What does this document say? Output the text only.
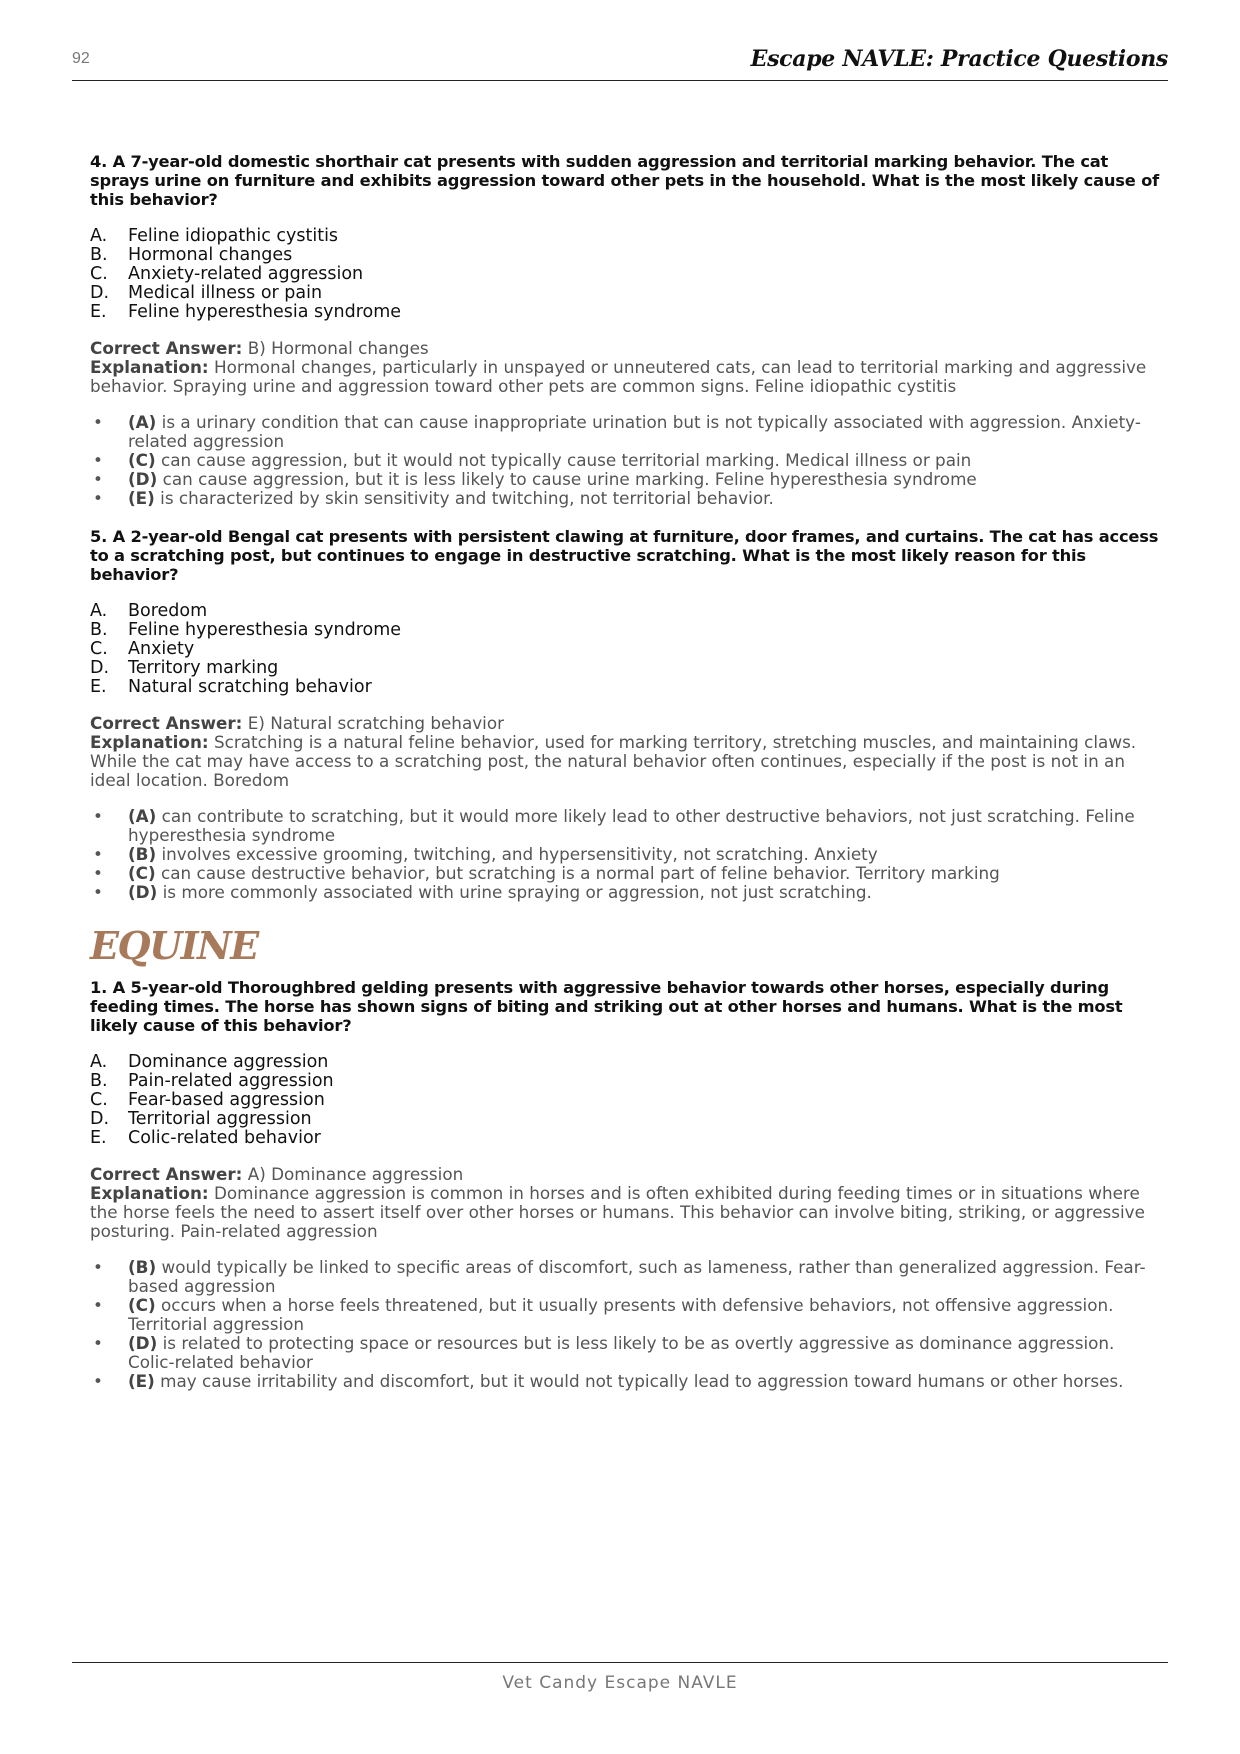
92	Escape NAVLE: Practice Questions

4. A 7-year-old domestic shorthair cat presents with sudden aggression and territorial marking behavior. The cat sprays urine on furniture and exhibits aggression toward other pets in the household. What is the most likely cause of this behavior?

A.	Feline idiopathic cystitis
B.	Hormonal changes
C.	Anxiety-related aggression
D.	Medical illness or pain
E.	Feline hyperesthesia syndrome
Correct Answer: B) Hormonal changes
Explanation: Hormonal changes, particularly in unspayed or unneutered cats, can lead to territorial marking and aggressive behavior. Spraying urine and aggression toward other pets are common signs. Feline idiopathic cystitis
• (A) is a urinary condition that can cause inappropriate urination but is not typically associated with aggression. Anxiety-related aggression
• (C) can cause aggression, but it would not typically cause territorial marking. Medical illness or pain
• (D) can cause aggression, but it is less likely to cause urine marking. Feline hyperesthesia syndrome
• (E) is characterized by skin sensitivity and twitching, not territorial behavior.

5. A 2-year-old Bengal cat presents with persistent clawing at furniture, door frames, and curtains. The cat has access to a scratching post, but continues to engage in destructive scratching. What is the most likely reason for this behavior?

A.	Boredom
B.	Feline hyperesthesia syndrome
C.	Anxiety
D.	Territory marking
E.	Natural scratching behavior
Correct Answer: E) Natural scratching behavior
Explanation: Scratching is a natural feline behavior, used for marking territory, stretching muscles, and maintaining claws. While the cat may have access to a scratching post, the natural behavior often continues, especially if the post is not in an ideal location. Boredom
• (A) can contribute to scratching, but it would more likely lead to other destructive behaviors, not just scratching. Feline hyperesthesia syndrome
• (B) involves excessive grooming, twitching, and hypersensitivity, not scratching. Anxiety
• (C) can cause destructive behavior, but scratching is a normal part of feline behavior. Territory marking
• (D) is more commonly associated with urine spraying or aggression, not just scratching.
EQUINE

1. A 5-year-old Thoroughbred gelding presents with aggressive behavior towards other horses, especially during feeding times. The horse has shown signs of biting and striking out at other horses and humans. What is the most likely cause of this behavior?

A.	Dominance aggression
B.	Pain-related aggression
C.	Fear-based aggression
D.	Territorial aggression
E.	Colic-related behavior
Correct Answer: A) Dominance aggression
Explanation: Dominance aggression is common in horses and is often exhibited during feeding times or in situations where the horse feels the need to assert itself over other horses or humans. This behavior can involve biting, striking, or aggressive posturing. Pain-related aggression
• (B) would typically be linked to specific areas of discomfort, such as lameness, rather than generalized aggression. Fear-based aggression
• (C) occurs when a horse feels threatened, but it usually presents with defensive behaviors, not offensive aggression. Territorial aggression
• (D) is related to protecting space or resources but is less likely to be as overtly aggressive as dominance aggression. Colic-related behavior
• (E) may cause irritability and discomfort, but it would not typically lead to aggression toward humans or other horses.
Vet Candy Escape NAVLE
